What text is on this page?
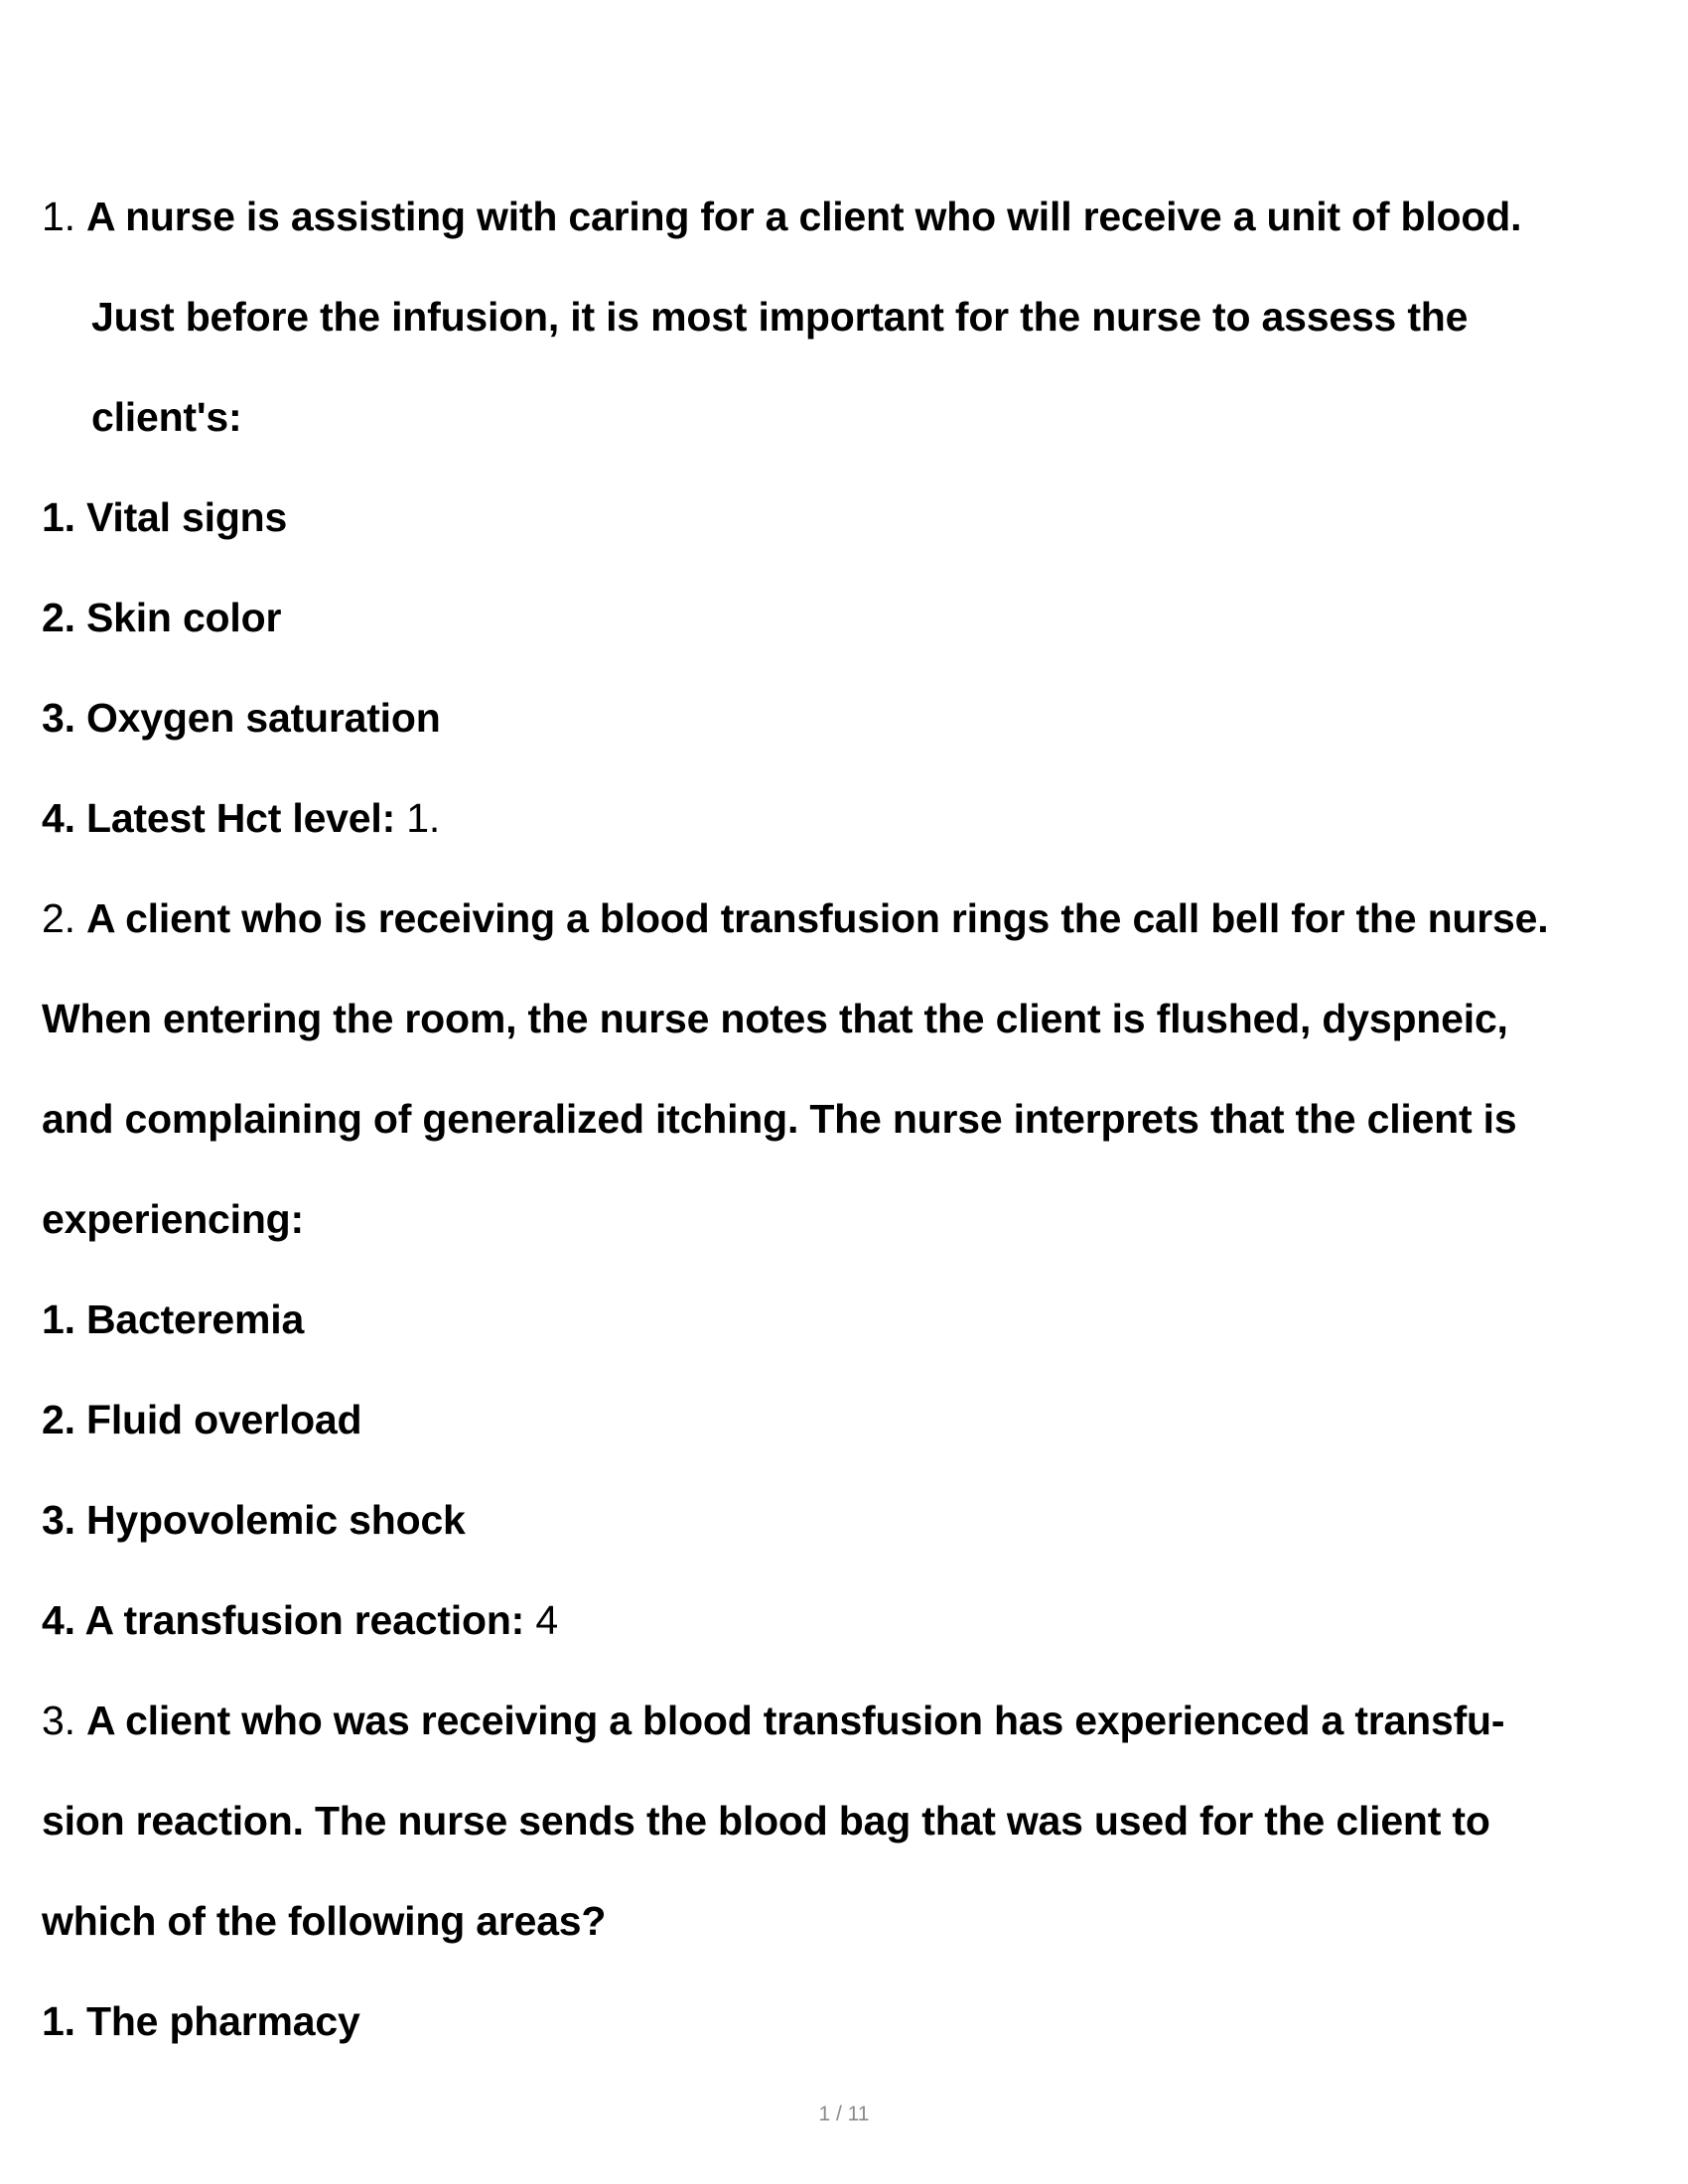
1. A nurse is assisting with caring for a client who will receive a unit of blood.
Just before the infusion, it is most important for the nurse to assess the
client's:
1. Vital signs
2. Skin color
3. Oxygen saturation
4. Latest Hct level: 1.
2. A client who is receiving a blood transfusion rings the call bell for the nurse.
When entering the room, the nurse notes that the client is flushed, dyspneic,
and complaining of generalized itching. The nurse interprets that the client is
experiencing:
1. Bacteremia
2. Fluid overload
3. Hypovolemic shock
4. A transfusion reaction: 4
3. A client who was receiving a blood transfusion has experienced a transfu-
sion reaction. The nurse sends the blood bag that was used for the client to
which of the following areas?
1. The pharmacy
1 / 11
